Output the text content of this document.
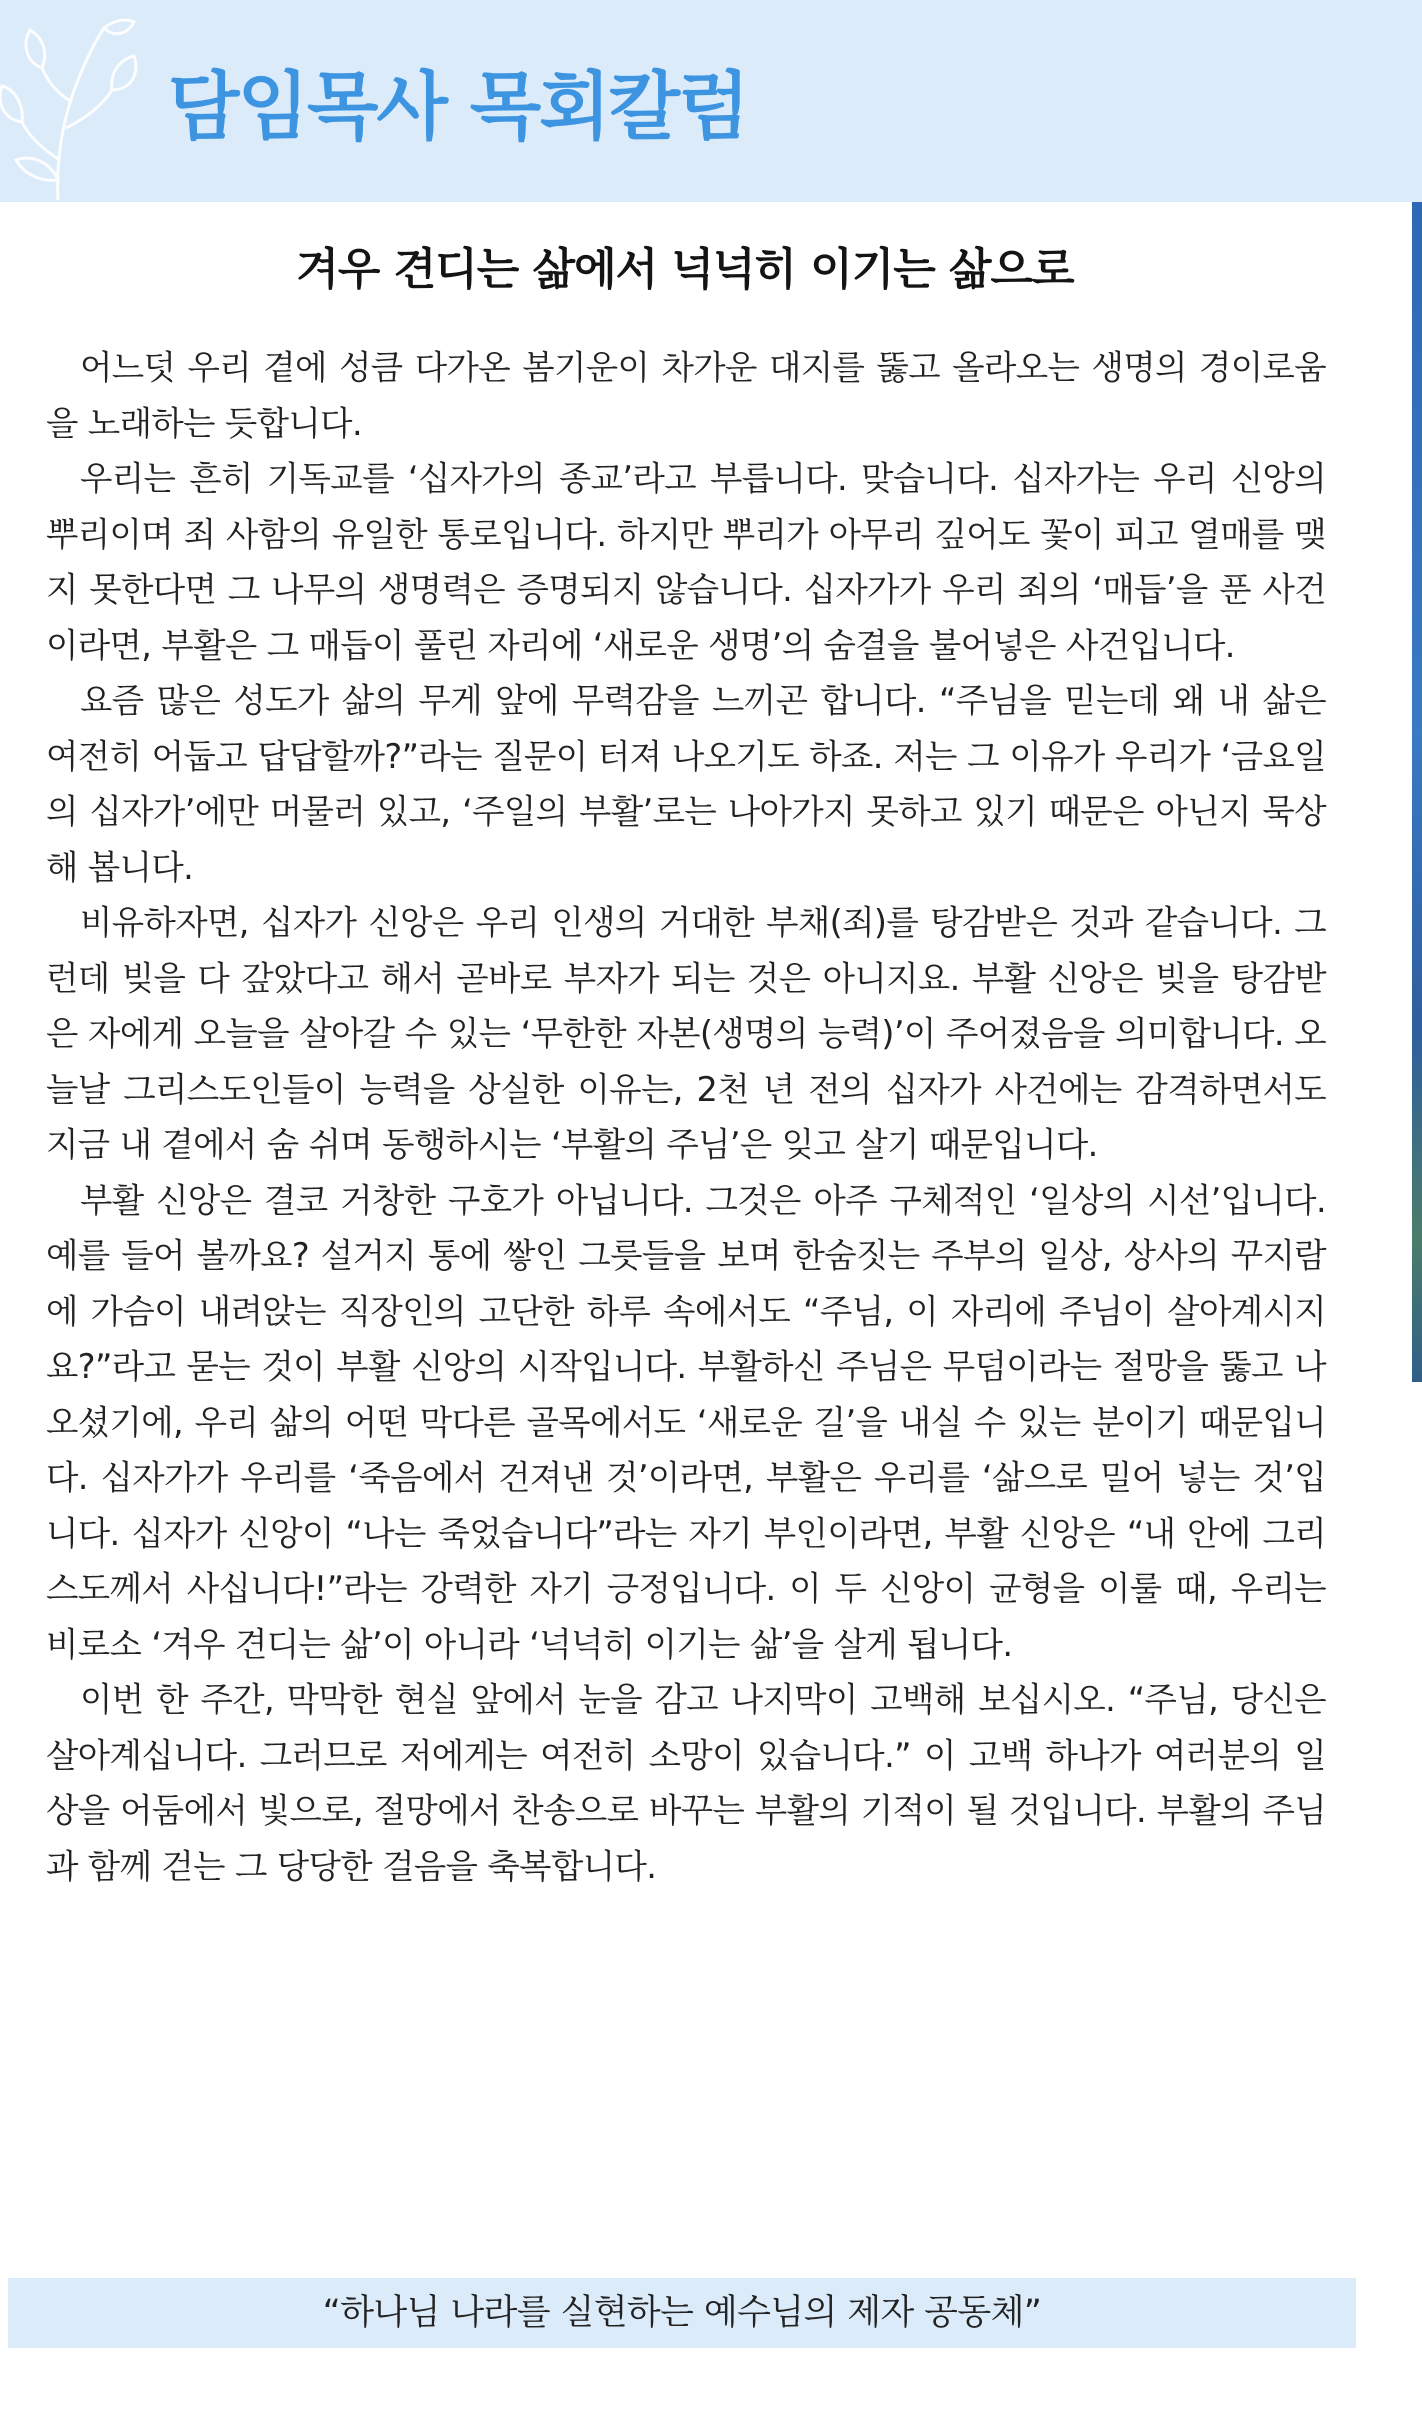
담임목사 목회칼럼
겨우 견디는 삶에서 넉넉히 이기는 삶으로

어느덧 우리 곁에 성큼 다가온 봄기운이 차가운 대지를 뚫고 올라오는 생명의 경이로움을 노래하는 듯합니다.

우리는 흔히 기독교를 ‘십자가의 종교’라고 부릅니다. 맞습니다. 십자가는 우리 신앙의 뿌리이며 죄 사함의 유일한 통로입니다. 하지만 뿌리가 아무리 깊어도 꽃이 피고 열매를 맺지 못한다면 그 나무의 생명력은 증명되지 않습니다. 십자가가 우리 죄의 ‘매듭’을 푼 사건이라면, 부활은 그 매듭이 풀린 자리에 ‘새로운 생명’의 숨결을 불어넣은 사건입니다.

요즘 많은 성도가 삶의 무게 앞에 무력감을 느끼곤 합니다. “주님을 믿는데 왜 내 삶은 여전히 어둡고 답답할까?”라는 질문이 터져 나오기도 하죠. 저는 그 이유가 우리가 ‘금요일의 십자가’에만 머물러 있고, ‘주일의 부활’로는 나아가지 못하고 있기 때문은 아닌지 묵상해 봅니다.

비유하자면, 십자가 신앙은 우리 인생의 거대한 부채(죄)를 탕감받은 것과 같습니다. 그런데 빚을 다 갚았다고 해서 곧바로 부자가 되는 것은 아니지요. 부활 신앙은 빚을 탕감받은 자에게 오늘을 살아갈 수 있는 ‘무한한 자본(생명의 능력)’이 주어졌음을 의미합니다. 오늘날 그리스도인들이 능력을 상실한 이유는, 2천 년 전의 십자가 사건에는 감격하면서도 지금 내 곁에서 숨 쉬며 동행하시는 ‘부활의 주님’은 잊고 살기 때문입니다.

부활 신앙은 결코 거창한 구호가 아닙니다. 그것은 아주 구체적인 ‘일상의 시선’입니다. 예를 들어 볼까요? 설거지 통에 쌓인 그릇들을 보며 한숨짓는 주부의 일상, 상사의 꾸지람에 가슴이 내려앉는 직장인의 고단한 하루 속에서도 “주님, 이 자리에 주님이 살아계시지요?”라고 묻는 것이 부활 신앙의 시작입니다. 부활하신 주님은 무덤이라는 절망을 뚫고 나오셨기에, 우리 삶의 어떤 막다른 골목에서도 ‘새로운 길’을 내실 수 있는 분이기 때문입니다. 십자가가 우리를 ‘죽음에서 건져낸 것’이라면, 부활은 우리를 ‘삶으로 밀어 넣는 것’입니다. 십자가 신앙이 “나는 죽었습니다”라는 자기 부인이라면, 부활 신앙은 “내 안에 그리스도께서 사십니다!”라는 강력한 자기 긍정입니다. 이 두 신앙이 균형을 이룰 때, 우리는 비로소 ‘겨우 견디는 삶’이 아니라 ‘넉넉히 이기는 삶’을 살게 됩니다.

이번 한 주간, 막막한 현실 앞에서 눈을 감고 나지막이 고백해 보십시오. “주님, 당신은 살아계십니다. 그러므로 저에게는 여전히 소망이 있습니다.” 이 고백 하나가 여러분의 일상을 어둠에서 빛으로, 절망에서 찬송으로 바꾸는 부활의 기적이 될 것입니다. 부활의 주님과 함께 걷는 그 당당한 걸음을 축복합니다.

“하나님 나라를 실현하는 예수님의 제자 공동체”
